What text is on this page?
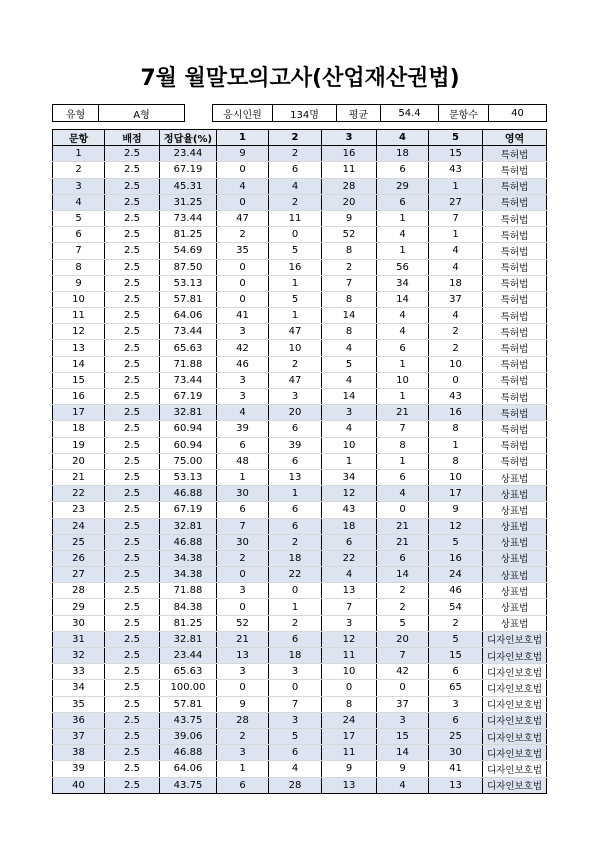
7월 월말모의고사(산업재산권법)
유형	A형		응시인원	134명	평균	54.4	문항수	40
문항	배점	정답율(%)	1	2	3	4	5	영역
1	2.5	23.44	9	2	16	18	15	특허법
2	2.5	67.19	0	6	11	6	43	특허법
3	2.5	45.31	4	4	28	29	1	특허법
4	2.5	31.25	0	2	20	6	27	특허법
5	2.5	73.44	47	11	9	1	7	특허법
6	2.5	81.25	2	0	52	4	1	특허법
7	2.5	54.69	35	5	8	1	4	특허법
8	2.5	87.50	0	16	2	56	4	특허법
9	2.5	53.13	0	1	7	34	18	특허법
10	2.5	57.81	0	5	8	14	37	특허법
11	2.5	64.06	41	1	14	4	4	특허법
12	2.5	73.44	3	47	8	4	2	특허법
13	2.5	65.63	42	10	4	6	2	특허법
14	2.5	71.88	46	2	5	1	10	특허법
15	2.5	73.44	3	47	4	10	0	특허법
16	2.5	67.19	3	3	14	1	43	특허법
17	2.5	32.81	4	20	3	21	16	특허법
18	2.5	60.94	39	6	4	7	8	특허법
19	2.5	60.94	6	39	10	8	1	특허법
20	2.5	75.00	48	6	1	1	8	특허법
21	2.5	53.13	1	13	34	6	10	상표법
22	2.5	46.88	30	1	12	4	17	상표법
23	2.5	67.19	6	6	43	0	9	상표법
24	2.5	32.81	7	6	18	21	12	상표법
25	2.5	46.88	30	2	6	21	5	상표법
26	2.5	34.38	2	18	22	6	16	상표법
27	2.5	34.38	0	22	4	14	24	상표법
28	2.5	71.88	3	0	13	2	46	상표법
29	2.5	84.38	0	1	7	2	54	상표법
30	2.5	81.25	52	2	3	5	2	상표법
31	2.5	32.81	21	6	12	20	5	디자인보호법
32	2.5	23.44	13	18	11	7	15	디자인보호법
33	2.5	65.63	3	3	10	42	6	디자인보호법
34	2.5	100.00	0	0	0	0	65	디자인보호법
35	2.5	57.81	9	7	8	37	3	디자인보호법
36	2.5	43.75	28	3	24	3	6	디자인보호법
37	2.5	39.06	2	5	17	15	25	디자인보호법
38	2.5	46.88	3	6	11	14	30	디자인보호법
39	2.5	64.06	1	4	9	9	41	디자인보호법
40	2.5	43.75	6	28	13	4	13	디자인보호법
